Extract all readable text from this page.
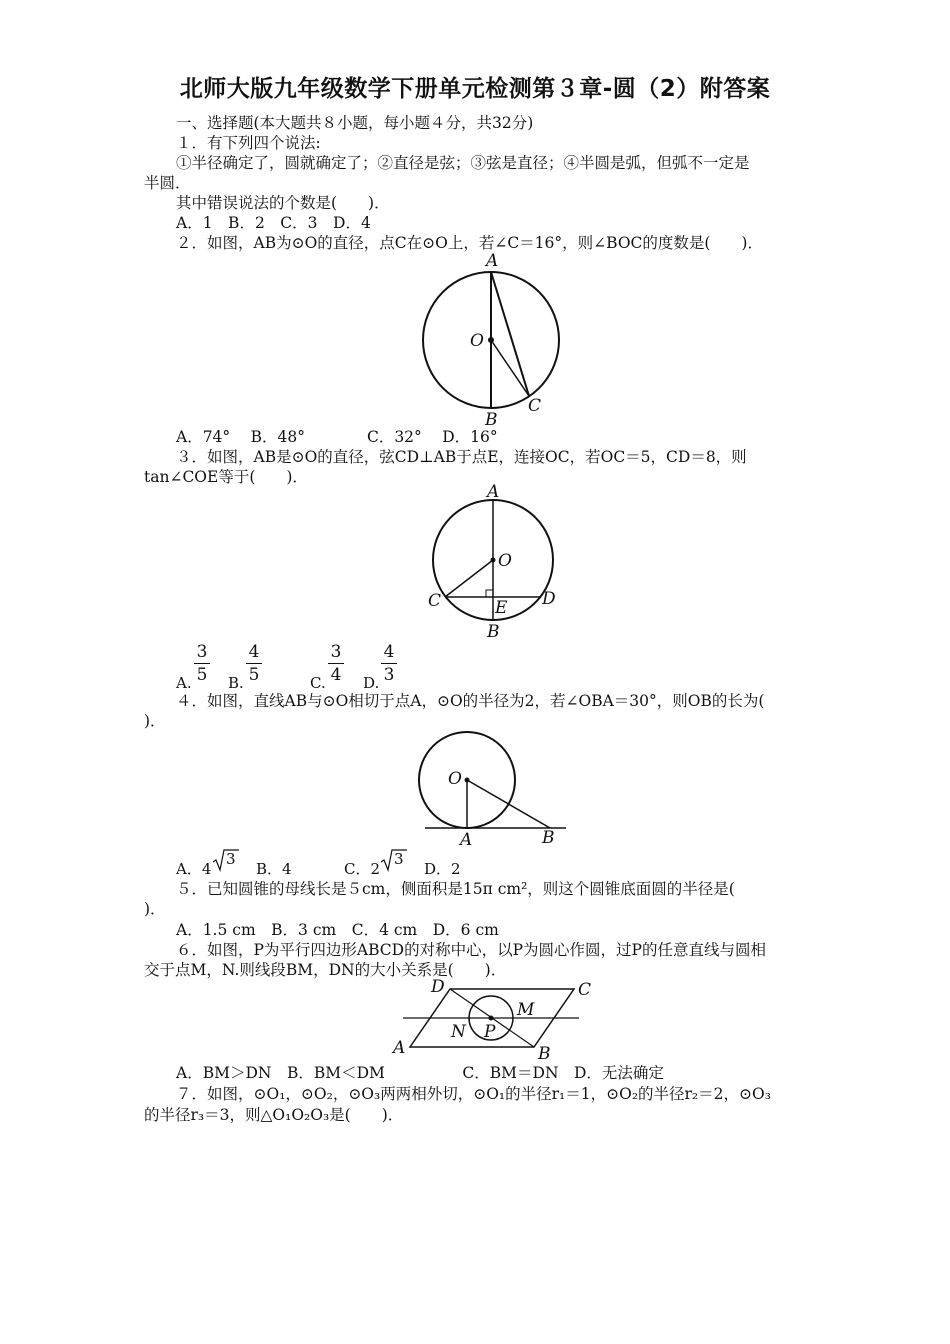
北师大版九年级数学下册单元检测第３章-圆（2）附答案
一、选择题(本大题共８小题，每小题４分，共32分)
１．有下列四个说法:
①半径确定了，圆就确定了；②直径是弦；③弦是直径；④半圆是弧，但弧不一定是
半圆．
其中错误说法的个数是(　　)．
A．1　B．2　C．3　D．4
２．如图，AB为⊙O的直径，点C在⊙O上，若∠C＝16°，则∠BOC的度数是(　　)．
A
O
B
C
A．74°　 B．48°　　　　C．32°　 D．16°
３．如图，AB是⊙O的直径，弦CD⊥AB于点E，连接OC，若OC＝5，CD＝8，则
tan∠COE等于(　　)．
A
O
C	E D
B
A.
3
5 B.
4
5	C.
3
4 D.
4
3
４．如图，直线AB与⊙O相切于点A，⊙O的半径为2，若∠OBA＝30°，则OB的长为(
)．
O
A	B
A．4
3
B．4	C．2
3
D．2
５．已知圆锥的母线长是５cm，侧面积是15π cm²，则这个圆锥底面圆的半径是(
)．
A．1.5 cm　B．3 cm　C．4 cm　D．6 cm
６．如图，P为平行四边形ABCD的对称中心，以P为圆心作圆，过P的任意直线与圆相
交于点M，N.则线段BM，DN的大小关系是(　　)．
D	C
M
N P
A	B
A．BM＞DN　B．BM＜DM　　　　　C．BM＝DN　D．无法确定
７．如图，⊙O₁，⊙O₂，⊙O₃两两相外切，⊙O₁的半径r₁＝1，⊙O₂的半径r₂＝2，⊙O₃
的半径r₃＝3，则△O₁O₂O₃是(　　)．
